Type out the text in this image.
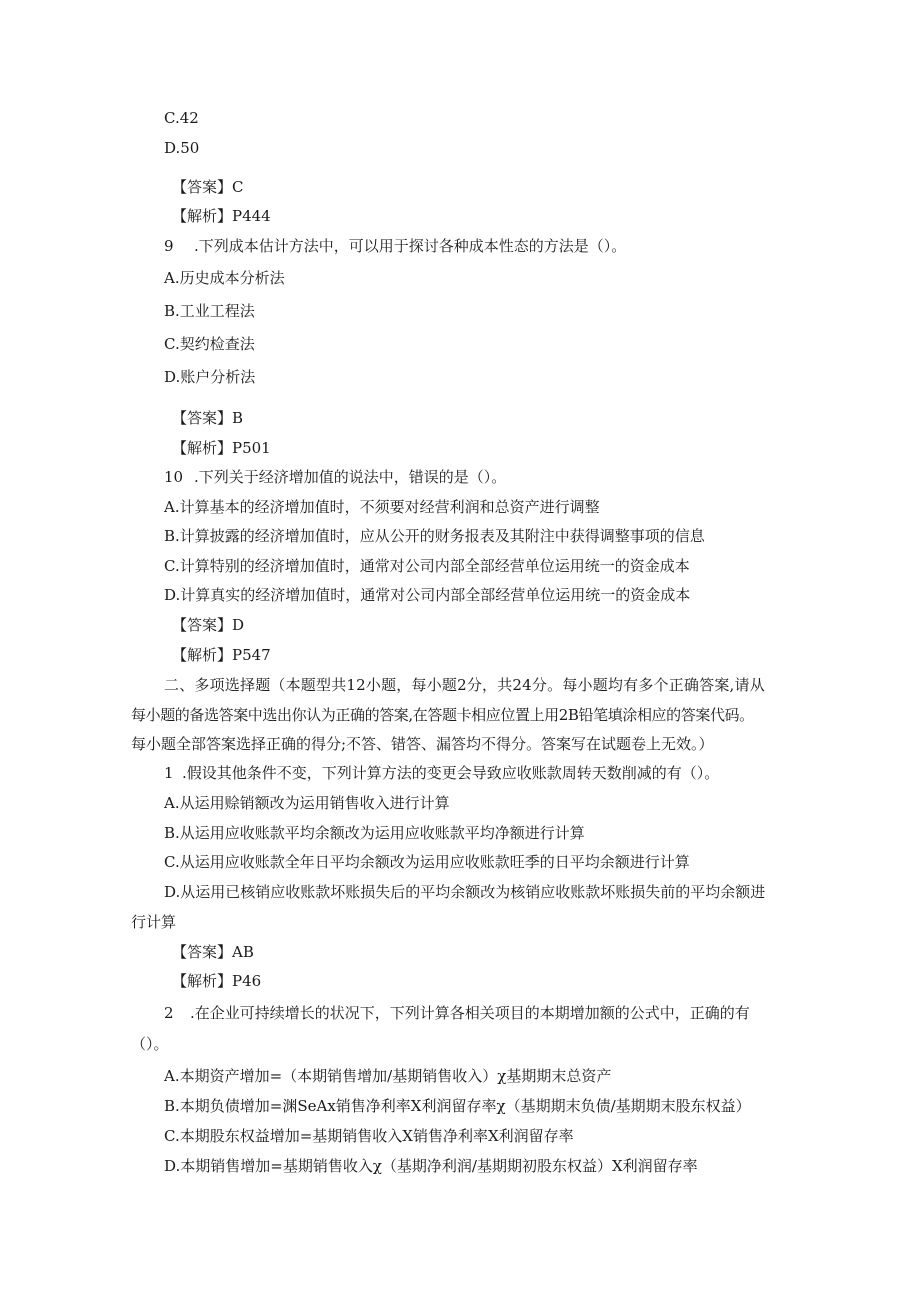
C.42
D.50
【答案】C
【解析】P444
9 .下列成本估计方法中，可以用于探讨各种成本性态的方法是（）。
A.历史成本分析法
B.工业工程法
C.契约检查法
D.账户分析法
【答案】B
【解析】P501
10 .下列关于经济增加值的说法中，错误的是（）。
A.计算基本的经济增加值时，不须要对经营利润和总资产进行调整
B.计算披露的经济增加值时，应从公开的财务报表及其附注中获得调整事项的信息
C.计算特别的经济增加值时，通常对公司内部全部经营单位运用统一的资金成本
D.计算真实的经济增加值时，通常对公司内部全部经营单位运用统一的资金成本
【答案】D
【解析】P547
二、多项选择题（本题型共12小题，每小题2分，共24分。每小题均有多个正确答案,请从
每小题的备选答案中选出你认为正确的答案,在答题卡相应位置上用2B铅笔填涂相应的答案代码。
每小题全部答案选择正确的得分;不答、错答、漏答均不得分。答案写在试题卷上无效。）
1 .假设其他条件不变，下列计算方法的变更会导致应收账款周转天数削减的有（）。
A.从运用赊销额改为运用销售收入进行计算
B.从运用应收账款平均余额改为运用应收账款平均净额进行计算
C.从运用应收账款全年日平均余额改为运用应收账款旺季的日平均余额进行计算
D.从运用已核销应收账款坏账损失后的平均余额改为核销应收账款坏账损失前的平均余额进
行计算
【答案】AB
【解析】P46
2 .在企业可持续增长的状况下，下列计算各相关项目的本期增加额的公式中，正确的有
（）。
A.本期资产增加=（本期销售增加/基期销售收入）χ基期期末总资产
B.本期负债增加=渊SeAx销售净利率X利润留存率χ（基期期末负债/基期期末股东权益）
C.本期股东权益增加=基期销售收入X销售净利率X利润留存率
D.本期销售增加=基期销售收入χ（基期净利润/基期期初股东权益）X利润留存率
